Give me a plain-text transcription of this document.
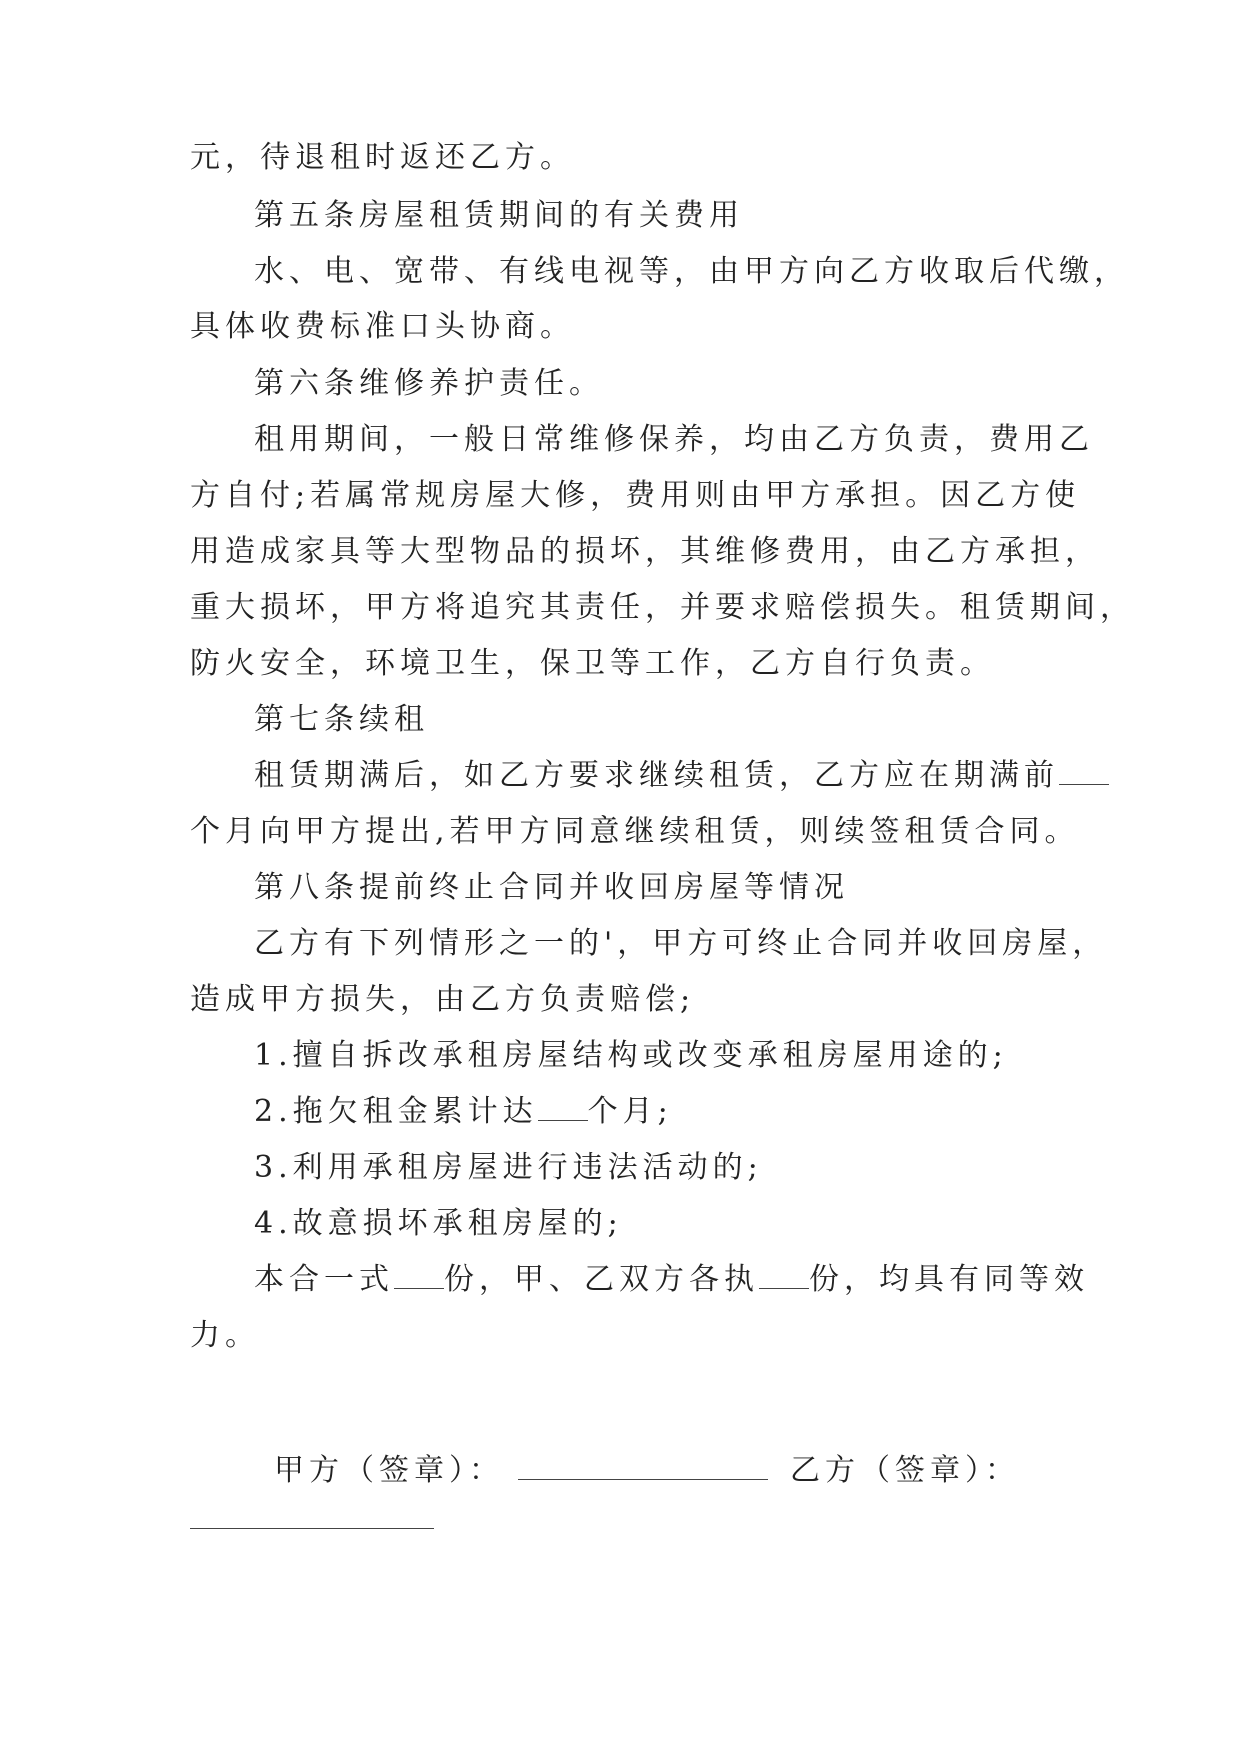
元，待退租时返还乙方。
第五条房屋租赁期间的有关费用
水、电、宽带、有线电视等，由甲方向乙方收取后代缴，
具体收费标准口头协商。
第六条维修养护责任。
租用期间，一般日常维修保养，均由乙方负责，费用乙
方自付;若属常规房屋大修，费用则由甲方承担。因乙方使
用造成家具等大型物品的损坏，其维修费用，由乙方承担，
重大损坏，甲方将追究其责任，并要求赔偿损失。租赁期间，
防火安全，环境卫生，保卫等工作，乙方自行负责。
第七条续租
租赁期满后，如乙方要求继续租赁，乙方应在期满前
个月向甲方提出,若甲方同意继续租赁，则续签租赁合同。
第八条提前终止合同并收回房屋等情况
乙方有下列情形之一的'，甲方可终止合同并收回房屋，
造成甲方损失，由乙方负责赔偿;
1.擅自拆改承租房屋结构或改变承租房屋用途的;
2.拖欠租金累计达 个月;
3.利用承租房屋进行违法活动的;
4.故意损坏承租房屋的;
本合一式 份，甲、乙双方各执 份，均具有同等效
力。
甲方（签章）：	乙方（签章）：
